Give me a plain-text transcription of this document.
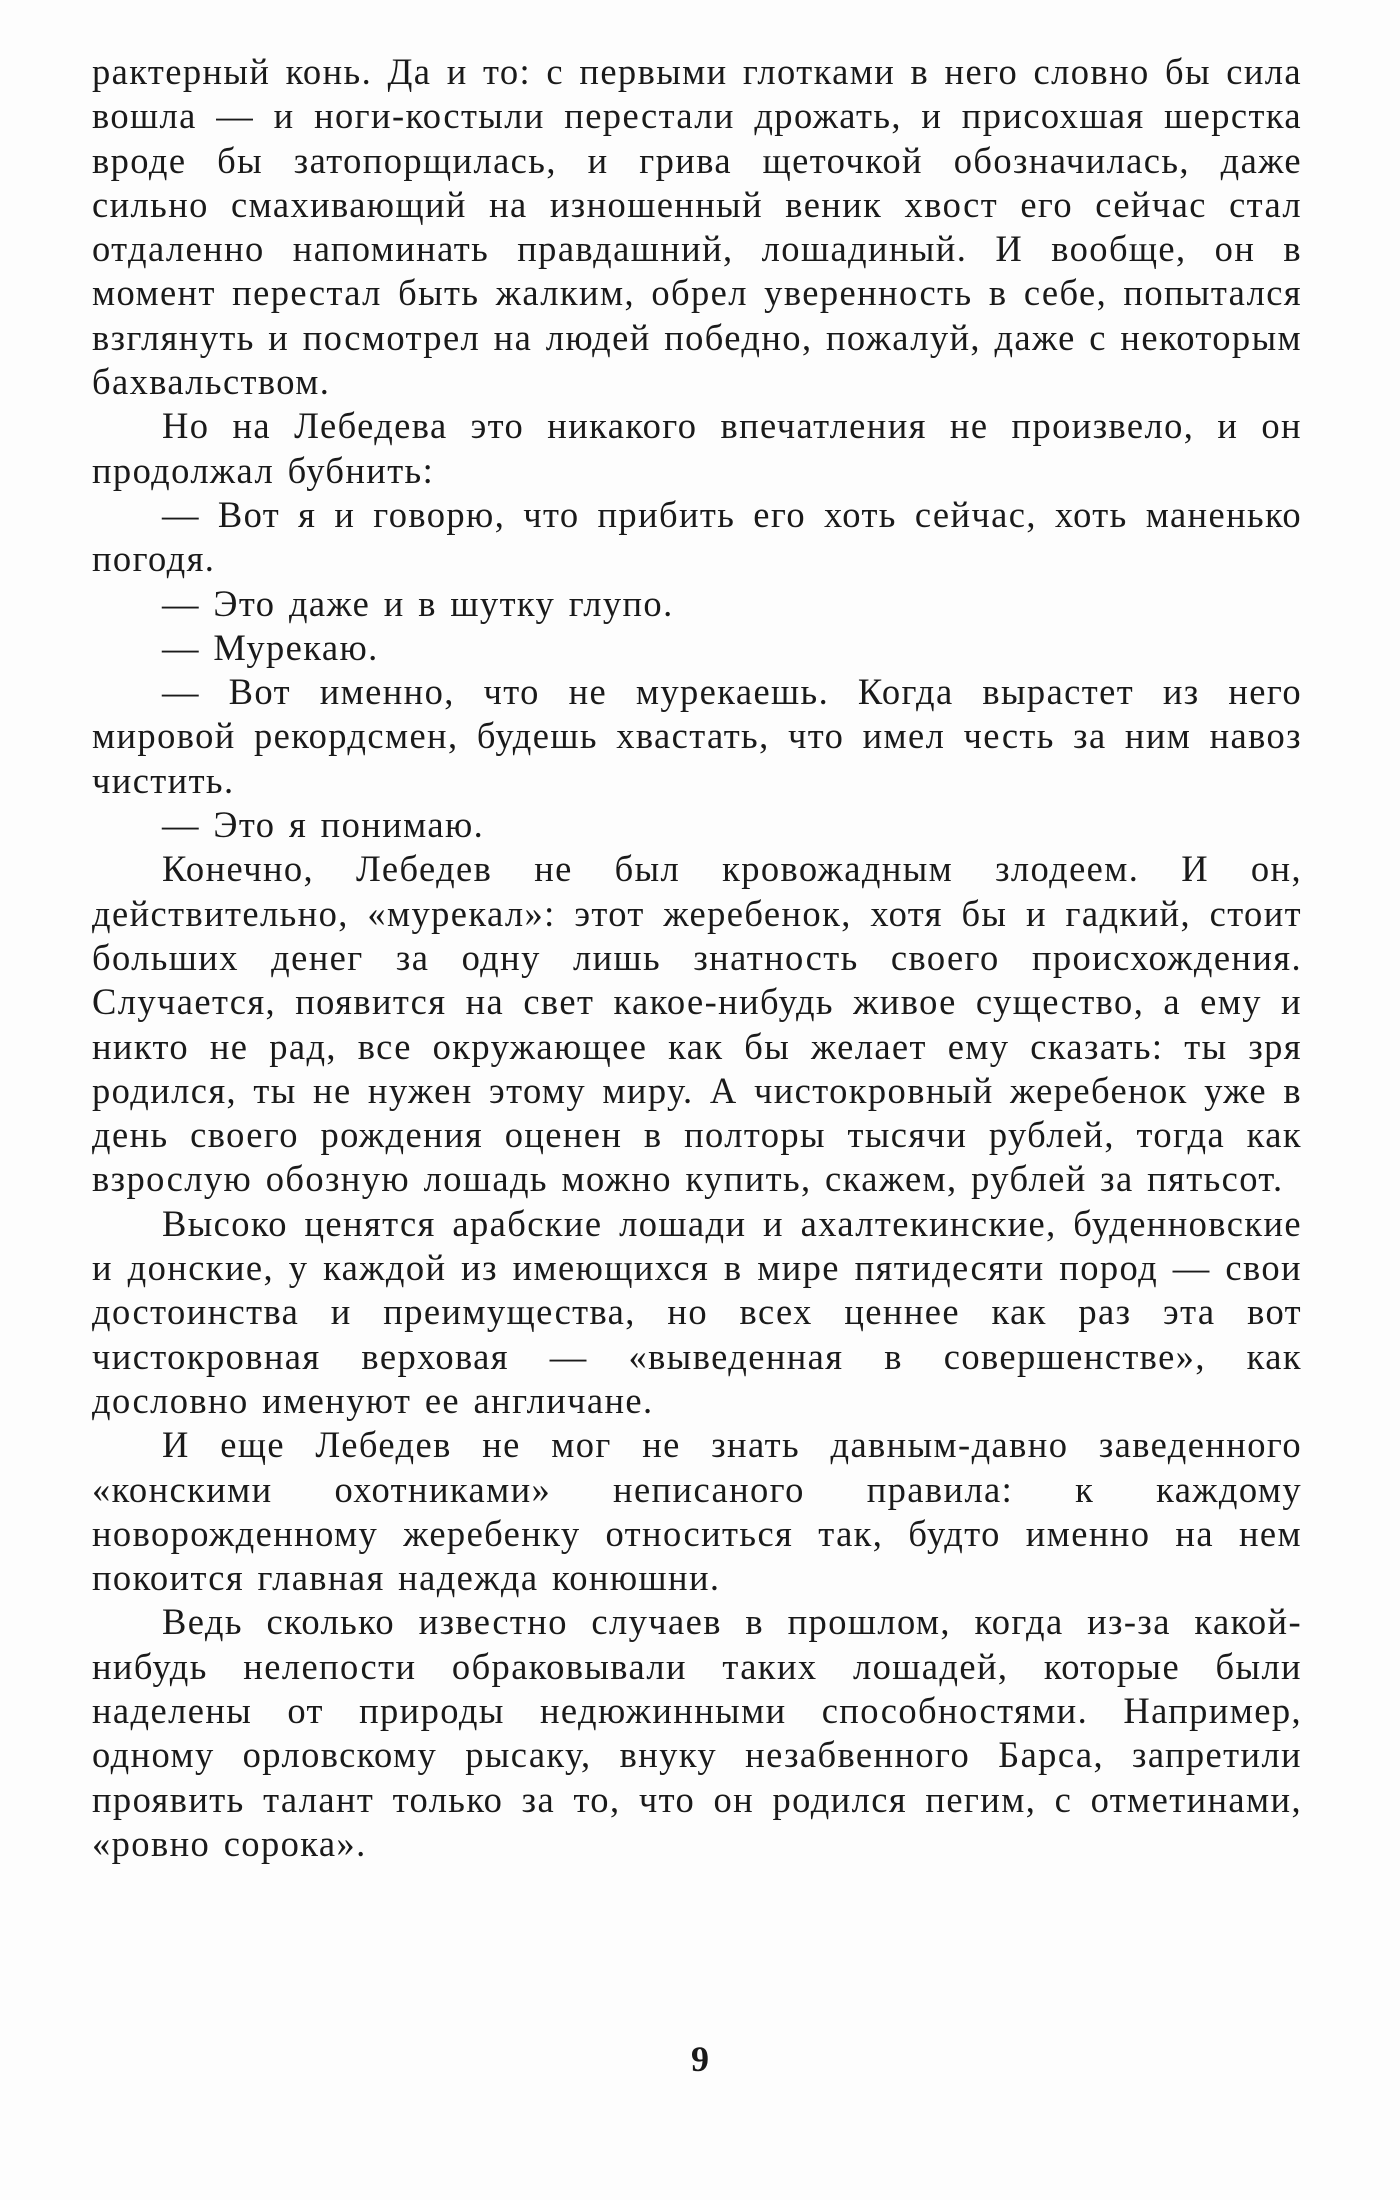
рактерный конь. Да и то: с первыми глотками в него словно бы сила вошла — и ноги-костыли перестали дрожать, и присохшая шерстка вроде бы затопорщилась, и грива щеточкой обозначилась, даже сильно смахивающий на изношенный веник хвост его сейчас стал отдаленно напоминать правдашний, лошадиный. И вообще, он в момент перестал быть жалким, обрел уверенность в себе, попытался взглянуть и посмотрел на людей победно, пожалуй, даже с некоторым бахвальством.

Но на Лебедева это никакого впечатления не произвело, и он продолжал бубнить:

— Вот я и говорю, что прибить его хоть сейчас, хоть маненько погодя.

— Это даже и в шутку глупо.

— Мурекаю.

— Вот именно, что не мурекаешь. Когда вырастет из него мировой рекордсмен, будешь хвастать, что имел честь за ним навоз чистить.

— Это я понимаю.

Конечно, Лебедев не был кровожадным злодеем. И он, действительно, «мурекал»: этот жеребенок, хотя бы и гадкий, стоит больших денег за одну лишь знатность своего происхождения. Случается, появится на свет какое-нибудь живое существо, а ему и никто не рад, все окружающее как бы желает ему сказать: ты зря родился, ты не нужен этому миру. А чистокровный жеребенок уже в день своего рождения оценен в полторы тысячи рублей, тогда как взрослую обозную лошадь можно купить, скажем, рублей за пятьсот.

Высоко ценятся арабские лошади и ахалтекинские, буденновские и донские, у каждой из имеющихся в мире пятидесяти пород — свои достоинства и преимущества, но всех ценнее как раз эта вот чистокровная верховая — «выведенная в совершенстве», как дословно именуют ее англичане.

И еще Лебедев не мог не знать давным-давно заведенного «конскими охотниками» неписаного правила: к каждому новорожденному жеребенку относиться так, будто именно на нем покоится главная надежда конюшни.

Ведь сколько известно случаев в прошлом, когда из-за какой-нибудь нелепости обраковывали таких лошадей, которые были наделены от природы недюжинными способностями. Например, одному орловскому рысаку, внуку незабвенного Барса, запретили проявить талант только за то, что он родился пегим, с отметинами, «ровно сорока».

9
